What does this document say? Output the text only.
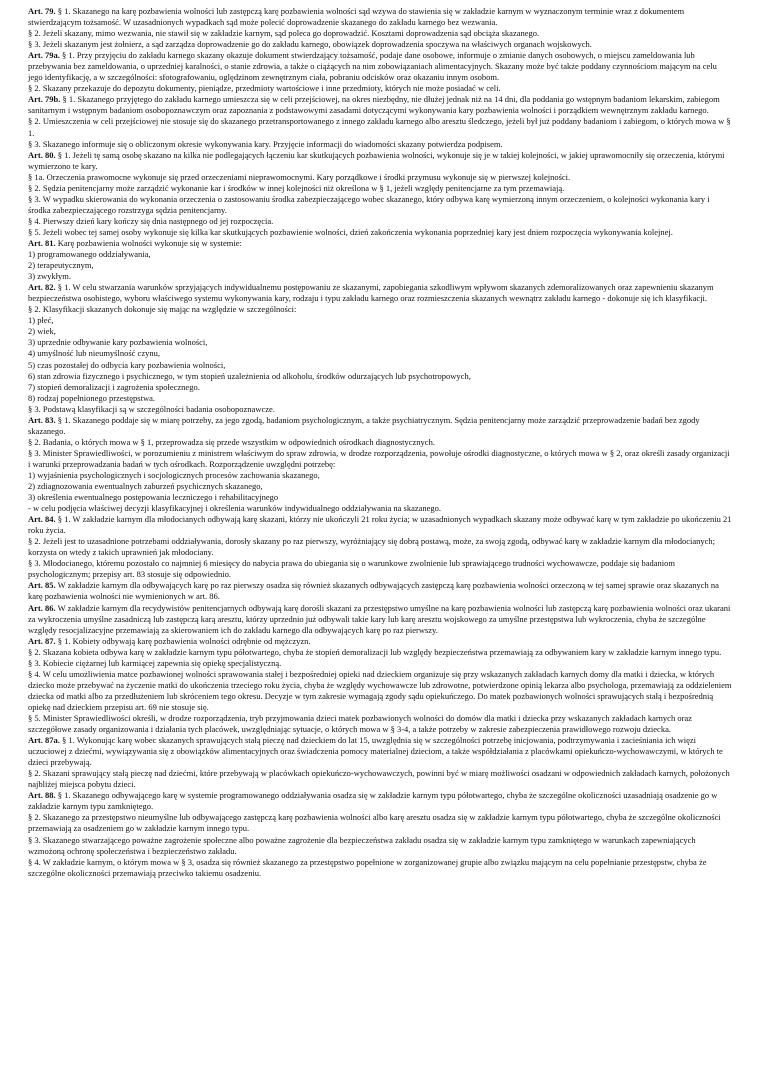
Art. 79. § 1. Skazanego na karę pozbawienia wolności lub zastępczą karę pozbawienia wolności sąd wzywa do stawienia się w zakładzie karnym w wyznaczonym terminie wraz z dokumentem stwierdzającym tożsamość. W uzasadnionych wypadkach sąd może polecić doprowadzenie skazanego do zakładu karnego bez wezwania.

§ 2. Jeżeli skazany, mimo wezwania, nie stawił się w zakładzie karnym, sąd poleca go doprowadzić. Kosztami doprowadzenia sąd obciąża skazanego.

§ 3. Jeżeli skazanym jest żołnierz, a sąd zarządza doprowadzenie go do zakładu karnego, obowiązek doprowadzenia spoczywa na właściwych organach wojskowych.

Art. 79a. § 1. Przy przyjęciu do zakładu karnego skazany okazuje dokument stwierdzający tożsamość, podaje dane osobowe, informuje o zmianie danych osobowych, o miejscu zameldowania lub przebywania bez zameldowania, o uprzedniej karalności, o stanie zdrowia, a także o ciążących na nim zobowiązaniach alimentacyjnych. Skazany może być także poddany czynnościom mającym na celu jego identyfikację, a w szczególności: sfotografowaniu, oględzinom zewnętrznym ciała, pobraniu odcisków oraz okazaniu innym osobom.

§ 2. Skazany przekazuje do depozytu dokumenty, pieniądze, przedmioty wartościowe i inne przedmioty, których nie może posiadać w celi.

Art. 79b. § 1. Skazanego przyjętego do zakładu karnego umieszcza się w celi przejściowej, na okres niezbędny, nie dłużej jednak niż na 14 dni, dla poddania go wstępnym badaniom lekarskim, zabiegom sanitarnym i wstępnym badaniom osobopoznawczym oraz zapoznania z podstawowymi zasadami dotyczącymi wykonywania kary pozbawienia wolności i porządkiem wewnętrznym zakładu karnego.

§ 2. Umieszczenia w celi przejściowej nie stosuje się do skazanego przetransportowanego z innego zakładu karnego albo aresztu śledczego, jeżeli był już poddany badaniom i zabiegom, o których mowa w § 1.

§ 3. Skazanego informuje się o obliczonym okresie wykonywania kary. Przyjęcie informacji do wiadomości skazany potwierdza podpisem.

Art. 80. § 1. Jeżeli tę samą osobę skazano na kilka nie podlegających łączeniu kar skutkujących pozbawienia wolności, wykonuje się je w takiej kolejności, w jakiej uprawomocniły się orzeczenia, którymi wymierzono te kary.

§ 1a. Orzeczenia prawomocne wykonuje się przed orzeczeniami nieprawomocnymi. Kary porządkowe i środki przymusu wykonuje się w pierwszej kolejności.

§ 2. Sędzia penitencjarny może zarządzić wykonanie kar i środków w innej kolejności niż określona w § 1, jeżeli względy penitencjarne za tym przemawiają.

§ 3. W wypadku skierowania do wykonania orzeczenia o zastosowaniu środka zabezpieczającego wobec skazanego, który odbywa karę wymierzoną innym orzeczeniem, o kolejności wykonania kary i środka zabezpieczającego rozstrzyga sędzia penitencjarny.

§ 4. Pierwszy dzień kary kończy się dnia następnego od jej rozpoczęcia.

§ 5. Jeżeli wobec tej samej osoby wykonuje się kilka kar skutkujących pozbawienie wolności, dzień zakończenia wykonania poprzedniej kary jest dniem rozpoczęcia wykonywania kolejnej.

Art. 81. Karę pozbawienia wolności wykonuje się w systemie:

1) programowanego oddziaływania,

2) terapeutycznym,

3) zwykłym.

Art. 82. § 1. W celu stwarzania warunków sprzyjających indywidualnemu postępowaniu ze skazanymi, zapobiegania szkodliwym wpływom skazanych zdemoralizowanych oraz zapewnieniu skazanym bezpieczeństwa osobistego, wyboru właściwego systemu wykonywania kary, rodzaju i typu zakładu karnego oraz rozmieszczenia skazanych wewnątrz zakładu karnego - dokonuje się ich klasyfikacji.

§ 2. Klasyfikacji skazanych dokonuje się mając na względzie w szczególności:

1) płeć,

2) wiek,

3) uprzednie odbywanie kary pozbawienia wolności,

4) umyślność lub nieumyślność czynu,

5) czas pozostałej do odbycia kary pozbawienia wolności,

6) stan zdrowia fizycznego i psychicznego, w tym stopień uzależnienia od alkoholu, środków odurzających lub psychotropowych,

7) stopień demoralizacji i zagrożenia społecznego.

8) rodzaj popełnionego przestępstwa.

§ 3. Podstawą klasyfikacji są w szczególności badania osobopoznawcze.

Art. 83. § 1. Skazanego poddaje się w miarę potrzeby, za jego zgodą, badaniom psychologicznym, a także psychiatrycznym. Sędzia penitencjarny może zarządzić przeprowadzenie badań bez zgody skazanego.

§ 2. Badania, o których mowa w § 1, przeprowadza się przede wszystkim w odpowiednich ośrodkach diagnostycznych.

§ 3. Minister Sprawiedliwości, w porozumieniu z ministrem właściwym do spraw zdrowia, w drodze rozporządzenia, powołuje ośrodki diagnostyczne, o których mowa w § 2, oraz określi zasady organizacji i warunki przeprowadzania badań w tych ośrodkach. Rozporządzenie uwzględni potrzebę:

1) wyjaśnienia psychologicznych i socjologicznych procesów zachowania skazanego,

2) zdiagnozowania ewentualnych zaburzeń psychicznych skazanego,

3) określenia ewentualnego postępowania leczniczego i rehabilitacyjnego

- w celu podjęcia właściwej decyzji klasyfikacyjnej i określenia warunków indywidualnego oddziaływania na skazanego.

Art. 84. § 1. W zakładzie karnym dla młodocianych odbywają karę skazani, którzy nie ukończyli 21 roku życia; w uzasadnionych wypadkach skazany może odbywać karę w tym zakładzie po ukończeniu 21 roku życia.

§ 2. Jeżeli jest to uzasadnione potrzebami oddziaływania, dorosły skazany po raz pierwszy, wyróżniający się dobrą postawą, może, za swoją zgodą, odbywać karę w zakładzie karnym dla młodocianych; korzysta on wtedy z takich uprawnień jak młodociany.

§ 3. Młodocianego, któremu pozostało co najmniej 6 miesięcy do nabycia prawa do ubiegania się o warunkowe zwolnienie lub sprawiającego trudności wychowawcze, poddaje się badaniom psychologicznym; przepisy art. 83 stosuje się odpowiednio.

Art. 85. W zakładzie karnym dla odbywających karę po raz pierwszy osadza się również skazanych odbywających zastępczą karę pozbawienia wolności orzeczoną w tej samej sprawie oraz skazanych na karę pozbawienia wolności nie wymienionych w art. 86.

Art. 86. W zakładzie karnym dla recydywistów penitencjarnych odbywają karę dorośli skazani za przestępstwo umyślne na karę pozbawienia wolności lub zastępczą karę pozbawienia wolności oraz ukarani za wykroczenia umyślne zasadniczą lub zastępczą karą aresztu, którzy uprzednio już odbywali takie kary lub karę aresztu wojskowego za umyślne przestępstwa lub wykroczenia, chyba że szczególne względy resocjalizacyjne przemawiają za skierowaniem ich do zakładu karnego dla odbywających karę po raz pierwszy.

Art. 87. § 1. Kobiety odbywają karę pozbawienia wolności odrębnie od mężczyzn.

§ 2. Skazana kobieta odbywa karę w zakładzie karnym typu półotwartego, chyba że stopień demoralizacji lub względy bezpieczeństwa przemawiają za odbywaniem kary w zakładzie karnym innego typu.

§ 3. Kobiecie ciężarnej lub karmiącej zapewnia się opiekę specjalistyczną.

§ 4. W celu umożliwienia matce pozbawionej wolności sprawowania stałej i bezpośredniej opieki nad dzieckiem organizuje się przy wskazanych zakładach karnych domy dla matki i dziecka, w których dziecko może przebywać na życzenie matki do ukończenia trzeciego roku życia, chyba że względy wychowawcze lub zdrowotne, potwierdzone opinią lekarza albo psychologa, przemawiają za oddzieleniem dziecka od matki albo za przedłużeniem lub skróceniem tego okresu. Decyzje w tym zakresie wymagają zgody sądu opiekuńczego. Do matek pozbawionych wolności sprawujących stałą i bezpośrednią opiekę nad dzieckiem przepisu art. 69 nie stosuje się.

§ 5. Minister Sprawiedliwości określi, w drodze rozporządzenia, tryb przyjmowania dzieci matek pozbawionych wolności do domów dla matki i dziecka przy wskazanych zakładach karnych oraz szczegółowe zasady organizowania i działania tych placówek, uwzględniając sytuacje, o których mowa w § 3-4, a także potrzeby w zakresie zabezpieczenia prawidłowego rozwoju dziecka.

Art. 87a. § 1. Wykonując karę wobec skazanych sprawujących stałą pieczę nad dzieckiem do lat 15, uwzględnia się w szczególności potrzebę inicjowania, podtrzymywania i zacieśniania ich więzi uczuciowej z dziećmi, wywiązywania się z obowiązków alimentacyjnych oraz świadczenia pomocy materialnej dzieciom, a także współdziałania z placówkami opiekuńczo-wychowawczymi, w których te dzieci przebywają.

§ 2. Skazani sprawujący stałą pieczę nad dziećmi, które przebywają w placówkach opiekuńczo-wychowawczych, powinni być w miarę możliwości osadzani w odpowiednich zakładach karnych, położonych najbliżej miejsca pobytu dzieci.

Art. 88. § 1. Skazanego odbywającego karę w systemie programowanego oddziaływania osadza się w zakładzie karnym typu półotwartego, chyba że szczególne okoliczności uzasadniają osadzenie go w zakładzie karnym typu zamkniętego.

§ 2. Skazanego za przestępstwo nieumyślne lub odbywającego zastępczą karę pozbawienia wolności albo karę aresztu osadza się w zakładzie karnym typu półotwartego, chyba że szczególne okoliczności przemawiają za osadzeniem go w zakładzie karnym innego typu.

§ 3. Skazanego stwarzającego poważne zagrożenie społeczne albo poważne zagrożenie dla bezpieczeństwa zakładu osadza się w zakładzie karnym typu zamkniętego w warunkach zapewniających wzmożoną ochronę społeczeństwa i bezpieczeństwo zakładu.

§ 4. W zakładzie karnym, o którym mowa w § 3, osadza się również skazanego za przestępstwo popełnione w zorganizowanej grupie albo związku mającym na celu popełnianie przestępstw, chyba że szczególne okoliczności przemawiają przeciwko takiemu osadzeniu.
